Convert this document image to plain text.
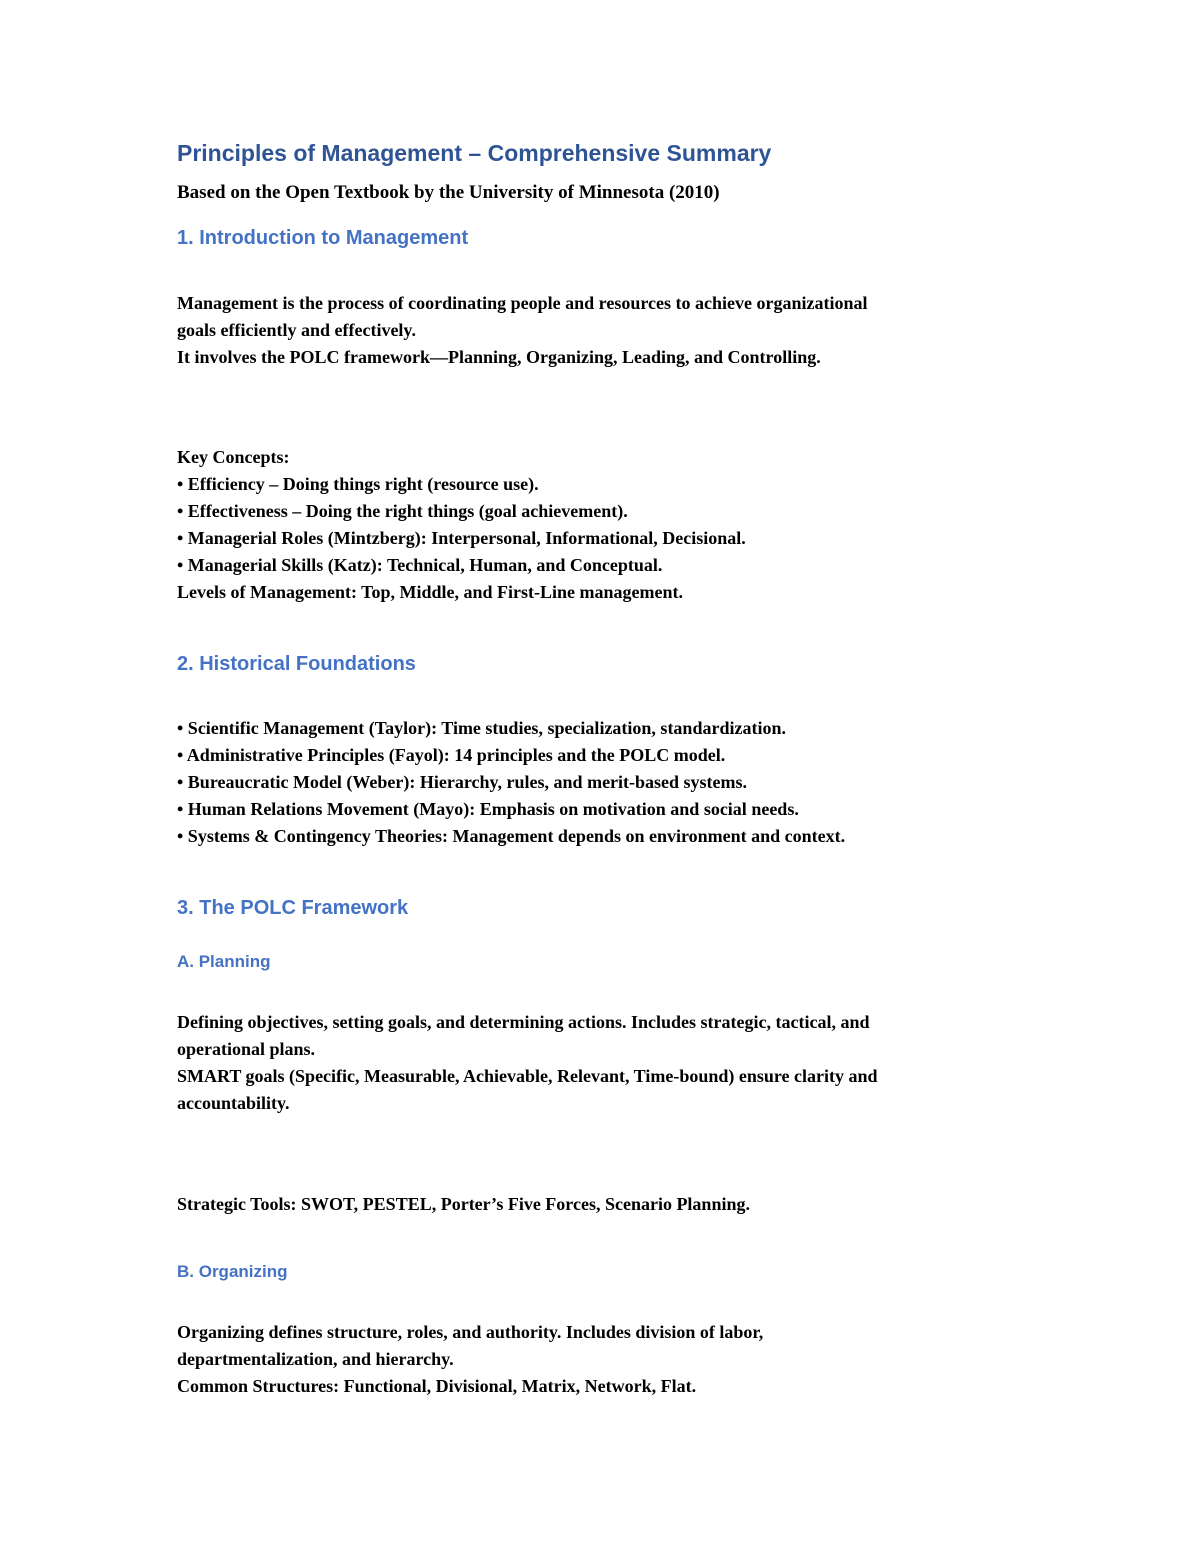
Principles of Management – Comprehensive Summary

Based on the Open Textbook by the University of Minnesota (2010)

1. Introduction to Management

Management is the process of coordinating people and resources to achieve organizational

goals efficiently and effectively.

It involves the POLC framework—Planning, Organizing, Leading, and Controlling.

Key Concepts:

• Efficiency – Doing things right (resource use).

• Effectiveness – Doing the right things (goal achievement).

• Managerial Roles (Mintzberg): Interpersonal, Informational, Decisional.

• Managerial Skills (Katz): Technical, Human, and Conceptual.

Levels of Management: Top, Middle, and First-Line management.

2. Historical Foundations

• Scientific Management (Taylor): Time studies, specialization, standardization.

• Administrative Principles (Fayol): 14 principles and the POLC model.

• Bureaucratic Model (Weber): Hierarchy, rules, and merit-based systems.

• Human Relations Movement (Mayo): Emphasis on motivation and social needs.

• Systems & Contingency Theories: Management depends on environment and context.

3. The POLC Framework
A. Planning

Defining objectives, setting goals, and determining actions. Includes strategic, tactical, and

operational plans.

SMART goals (Specific, Measurable, Achievable, Relevant, Time-bound) ensure clarity and

accountability.

Strategic Tools: SWOT, PESTEL, Porter’s Five Forces, Scenario Planning.

B. Organizing

Organizing defines structure, roles, and authority. Includes division of labor,

departmentalization, and hierarchy.

Common Structures: Functional, Divisional, Matrix, Network, Flat.
